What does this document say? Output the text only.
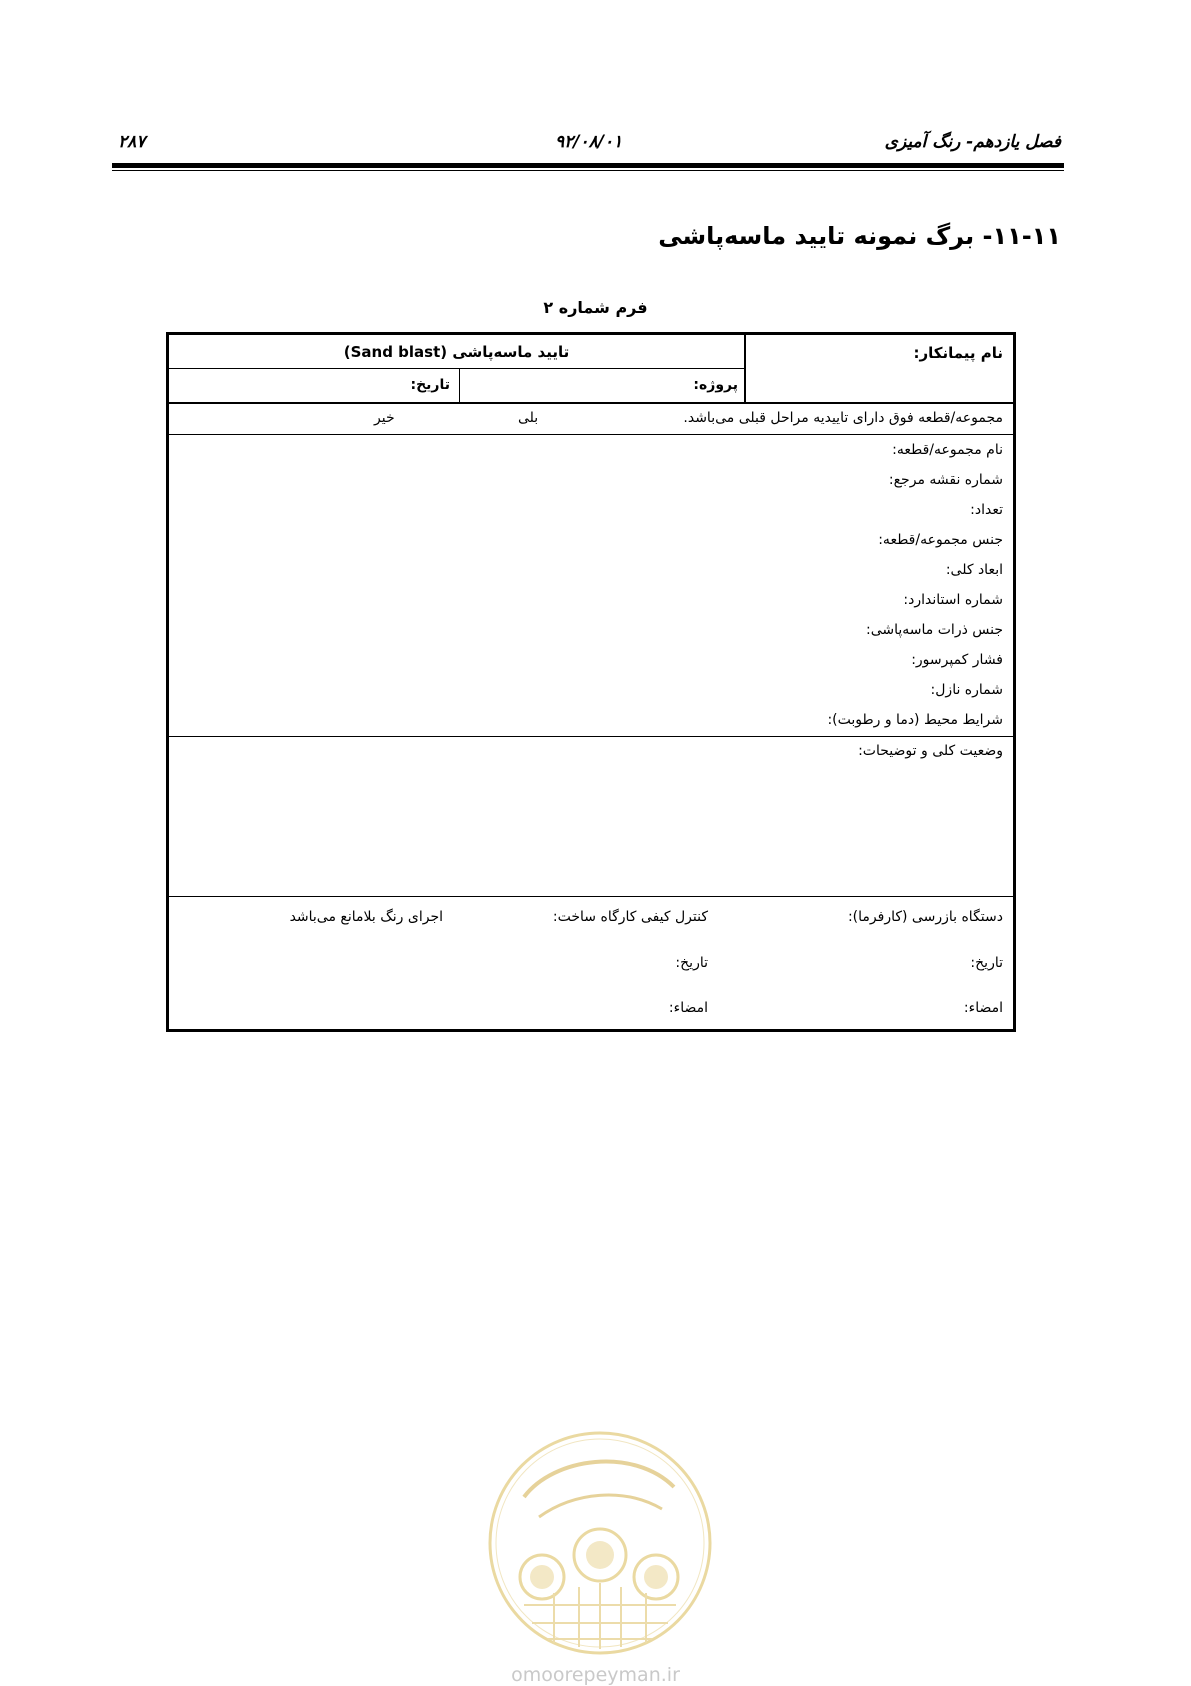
فصل یازدهم- رنگ آمیزی
۹۲/۰۸/۰۱
۲۸۷
۱۱-۱۱- برگ نمونه تایید ماسه‌پاشی
فرم شماره ۲
نام پیمانکار:
تایید ماسه‌پاشی (Sand blast)
پروژه:
تاریخ:
مجموعه/قطعه فوق دارای تاییدیه مراحل قبلی می‌باشد.
بلی
خیر
نام مجموعه/قطعه:
شماره نقشه مرجع:
تعداد:
جنس مجموعه/قطعه:
ابعاد کلی:
شماره استاندارد:
جنس ذرات ماسه‌پاشی:
فشار کمپرسور:
شماره نازل:
شرایط محیط (دما و رطوبت):
وضعیت کلی و توضیحات:
دستگاه بازرسی (کارفرما):
کنترل کیفی کارگاه ساخت:
اجرای رنگ بلامانع می‌باشد
تاریخ:
تاریخ:
امضاء:
امضاء:
omoorepeyman.ir
